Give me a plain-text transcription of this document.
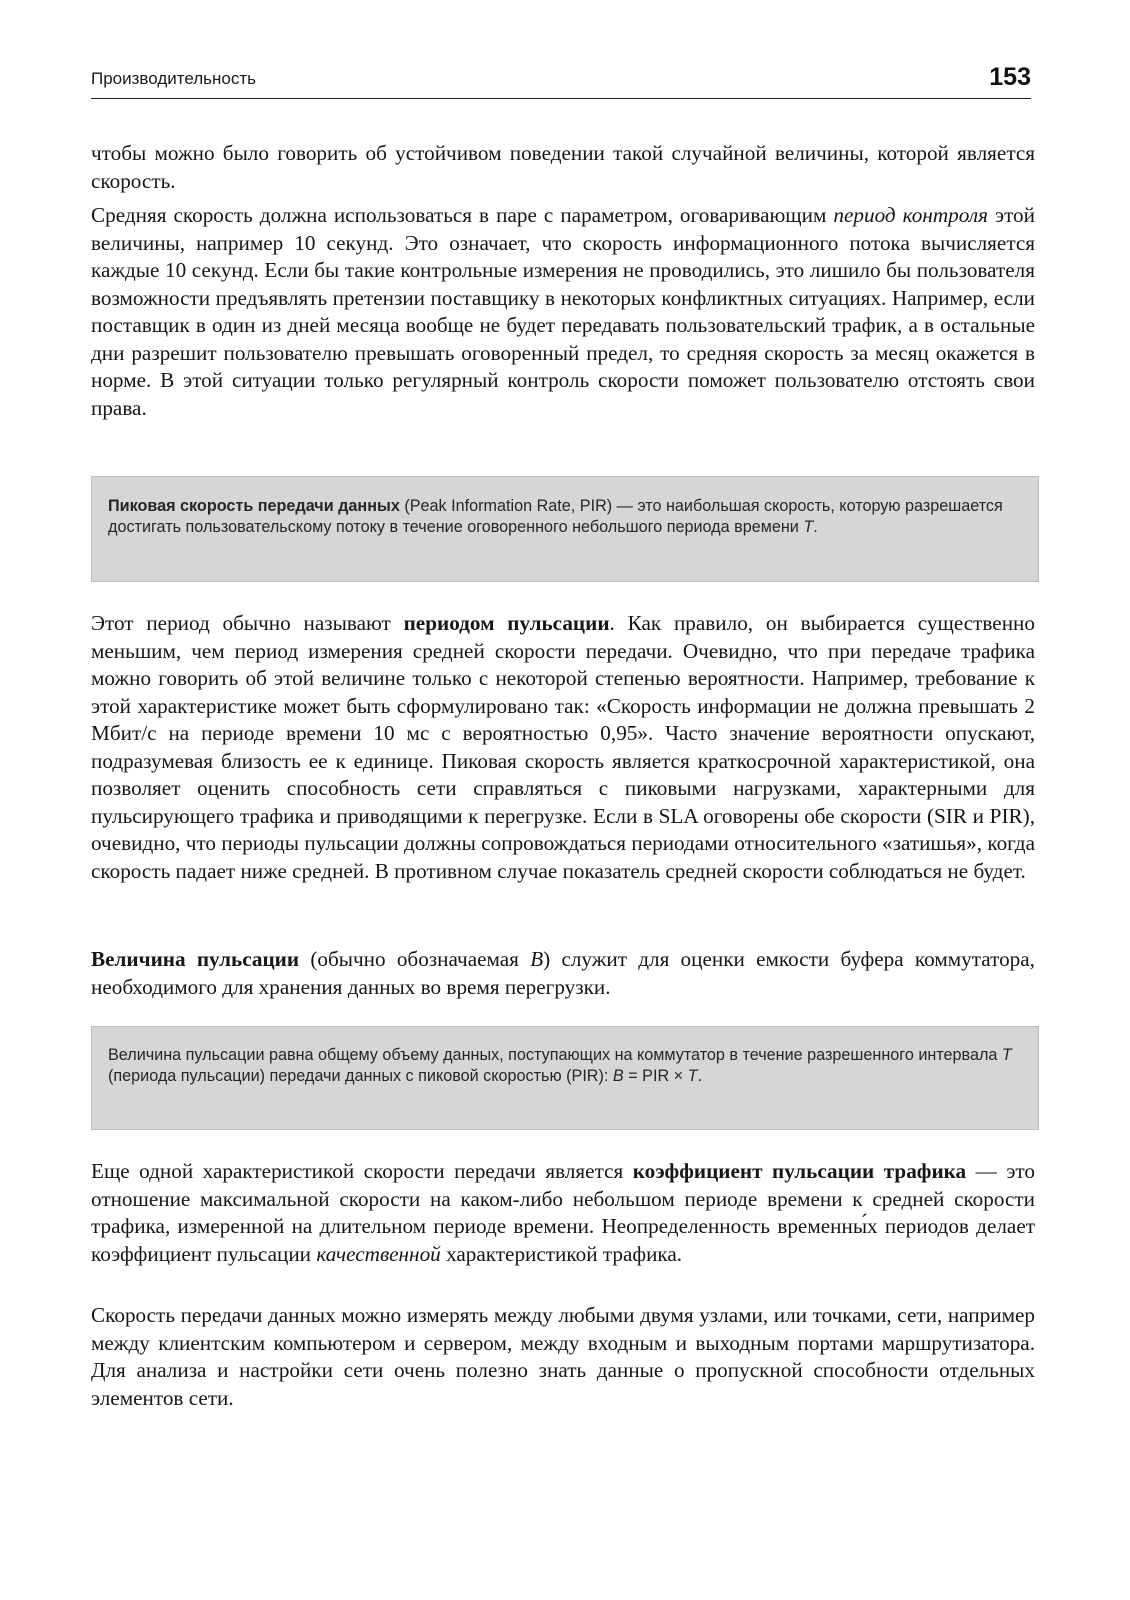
Производительность	153

чтобы можно было говорить об устойчивом поведении такой случайной величины, которой является скорость.

Средняя скорость должна использоваться в паре с параметром, оговаривающим период контроля этой величины, например 10 секунд. Это означает, что скорость информационного потока вычисляется каждые 10 секунд. Если бы такие контрольные измерения не проводились, это лишило бы пользователя возможности предъявлять претензии поставщику в некоторых конфликтных ситуациях. Например, если поставщик в один из дней месяца вообще не будет передавать пользовательский трафик, а в остальные дни разрешит пользователю превышать оговоренный предел, то средняя скорость за месяц окажется в норме. В этой ситуации только регулярный контроль скорости поможет пользователю отстоять свои права.

Пиковая скорость передачи данных (Peak Information Rate, PIR) — это наибольшая скорость, которую разрешается достигать пользовательскому потоку в течение оговоренного небольшого периода времени T.

Этот период обычно называют периодом пульсации. Как правило, он выбирается существенно меньшим, чем период измерения средней скорости передачи. Очевидно, что при передаче трафика можно говорить об этой величине только с некоторой степенью вероятности. Например, требование к этой характеристике может быть сформулировано так: «Скорость информации не должна превышать 2 Мбит/с на периоде времени 10 мс с вероятностью 0,95». Часто значение вероятности опускают, подразумевая близость ее к единице. Пиковая скорость является краткосрочной характеристикой, она позволяет оценить способность сети справляться с пиковыми нагрузками, характерными для пульсирующего трафика и приводящими к перегрузке. Если в SLA оговорены обе скорости (SIR и PIR), очевидно, что периоды пульсации должны сопровождаться периодами относительного «затишья», когда скорость падает ниже средней. В противном случае показатель средней скорости соблюдаться не будет.

Величина пульсации (обычно обозначаемая B) служит для оценки емкости буфера коммутатора, необходимого для хранения данных во время перегрузки.

Величина пульсации равна общему объему данных, поступающих на коммутатор в течение разрешенного интервала T (периода пульсации) передачи данных с пиковой скоростью (PIR): B = PIR × T.

Еще одной характеристикой скорости передачи является коэффициент пульсации трафика — это отношение максимальной скорости на каком-либо небольшом периоде времени к средней скорости трафика, измеренной на длительном периоде времени. Неопределенность временны́х периодов делает коэффициент пульсации качественной характеристикой трафика.

Скорость передачи данных можно измерять между любыми двумя узлами, или точками, сети, например между клиентским компьютером и сервером, между входным и выходным портами маршрутизатора. Для анализа и настройки сети очень полезно знать данные о пропускной способности отдельных элементов сети.
